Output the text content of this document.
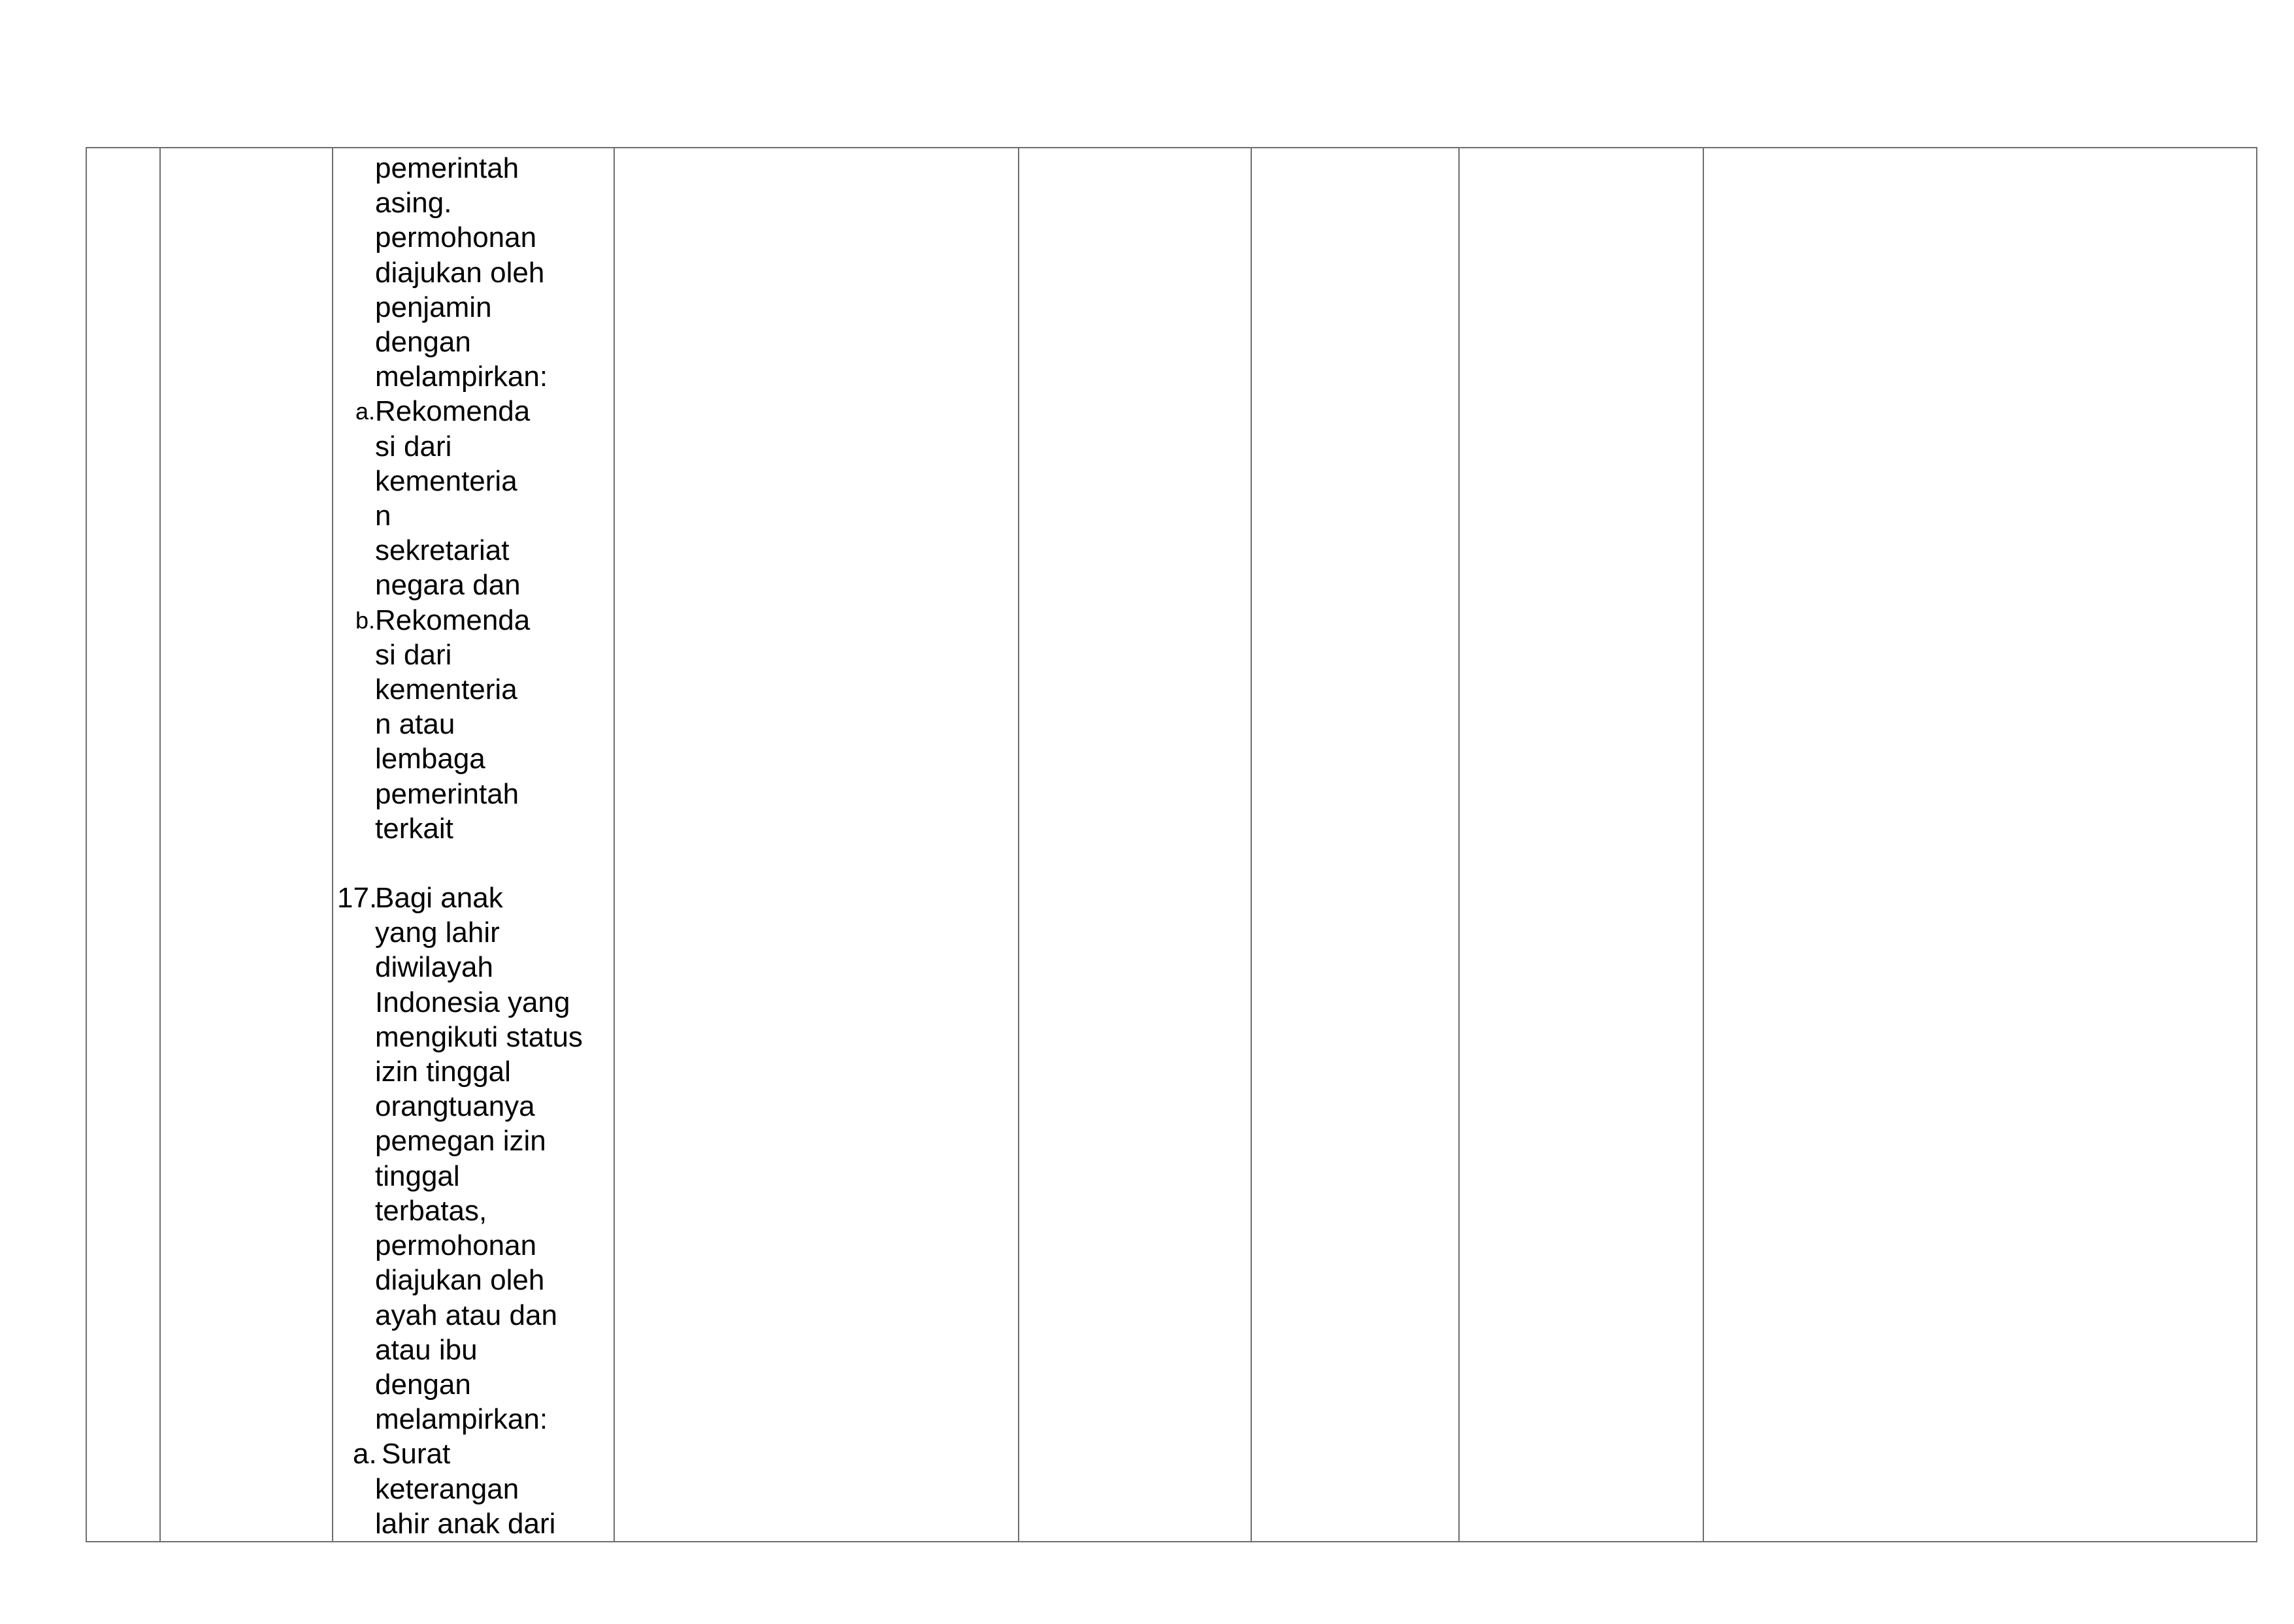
pemerintah
asing.
permohonan
diajukan oleh
penjamin
dengan
melampirkan:
a. Rekomenda
si dari
kementeria
n
sekretariat
negara dan
b. Rekomenda
si dari
kementeria
n atau
lembaga
pemerintah
terkait
17.
Bagi anak
yang lahir
diwilayah
Indonesia yang
mengikuti status
izin tinggal
orangtuanya
pemegan izin
tinggal
terbatas,
permohonan
diajukan oleh
ayah atau dan
atau ibu
dengan
melampirkan:
a. Surat
keterangan
lahir anak dari
